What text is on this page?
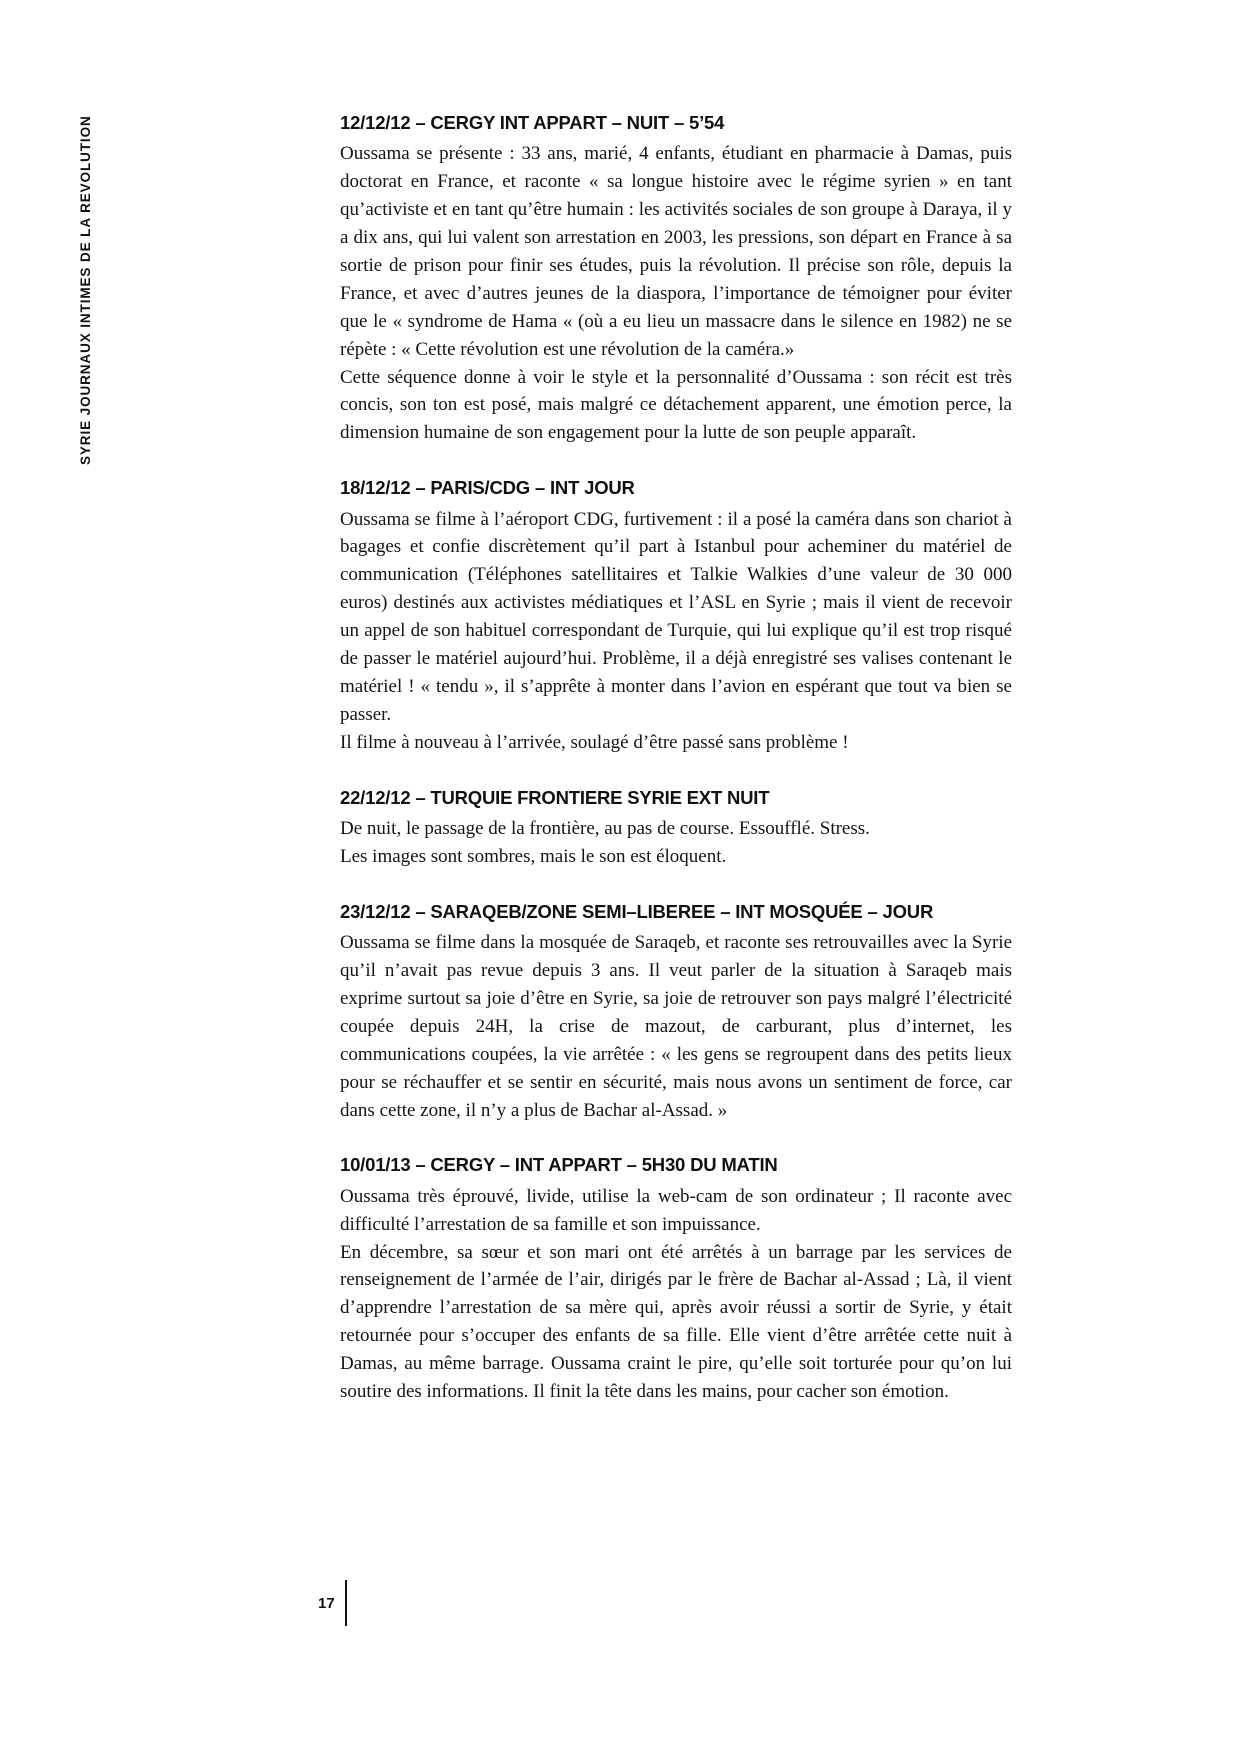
SYRIE JOURNAUX INTIMES DE LA REVOLUTION	12/12/12 – CERGY INT APPART – NUIT – 5’54

Oussama se présente : 33 ans, marié, 4 enfants, étudiant en pharmacie à Damas, puis doctorat en France, et raconte « sa longue histoire avec le régime syrien » en tant qu’activiste et en tant qu’être humain : les activités sociales de son groupe à Daraya, il y a dix ans, qui lui valent son arrestation en 2003, les pressions, son départ en France à sa sortie de prison pour finir ses études, puis la révolution. Il précise son rôle, depuis la France, et avec d’autres jeunes de la diaspora, l’importance de témoigner pour éviter que le « syndrome de Hama « (où a eu lieu un massacre dans le silence en 1982) ne se répète : « Cette révolution est une révolution de la caméra.»

Cette séquence donne à voir le style et la personnalité d’Oussama : son récit est très concis, son ton est posé, mais malgré ce détachement apparent, une émotion perce, la dimension humaine de son engagement pour la lutte de son peuple apparaît.

18/12/12 – PARIS/CDG – INT JOUR

Oussama se filme à l’aéroport CDG, furtivement : il a posé la caméra dans son chariot à bagages et confie discrètement qu’il part à Istanbul pour acheminer du matériel de communication (Téléphones satellitaires et Talkie Walkies d’une valeur de 30 000 euros) destinés aux activistes médiatiques et l’ASL en Syrie ; mais il vient de recevoir un appel de son habituel correspondant de Turquie, qui lui explique qu’il est trop risqué de passer le matériel aujourd’hui. Problème, il a déjà enregistré ses valises contenant le matériel ! « tendu », il s’apprête à monter dans l’avion en espérant que tout va bien se passer.

Il filme à nouveau à l’arrivée, soulagé d’être passé sans problème !

22/12/12 – TURQUIE FRONTIERE SYRIE EXT NUIT

De nuit, le passage de la frontière, au pas de course. Essoufflé. Stress.

Les images sont sombres, mais le son est éloquent.

23/12/12 – SARAQEB/ZONE SEMI–LIBEREE – INT MOSQUÉE – JOUR

Oussama se filme dans la mosquée de Saraqeb, et raconte ses retrouvailles avec la Syrie qu’il n’avait pas revue depuis 3 ans. Il veut parler de la situation à Saraqeb mais exprime surtout sa joie d’être en Syrie, sa joie de retrouver son pays malgré l’électricité coupée depuis 24H, la crise de mazout, de carburant, plus d’internet, les communications coupées, la vie arrêtée : « les gens se regroupent dans des petits lieux pour se réchauffer et se sentir en sécurité, mais nous avons un sentiment de force, car dans cette zone, il n’y a plus de Bachar al-Assad. »

10/01/13 – CERGY – INT APPART – 5H30 DU MATIN

Oussama très éprouvé, livide, utilise la web-cam de son ordinateur ; Il raconte avec difficulté l’arrestation de sa famille et son impuissance.

En décembre, sa sœur et son mari ont été arrêtés à un barrage par les services de renseignement de l’armée de l’air, dirigés par le frère de Bachar al-Assad ; Là, il vient d’apprendre l’arrestation de sa mère qui, après avoir réussi a sortir de Syrie, y était retournée pour s’occuper des enfants de sa fille. Elle vient d’être arrêtée cette nuit à Damas, au même barrage. Oussama craint le pire, qu’elle soit torturée pour qu’on lui soutire des informations. Il finit la tête dans les mains, pour cacher son émotion.

17
